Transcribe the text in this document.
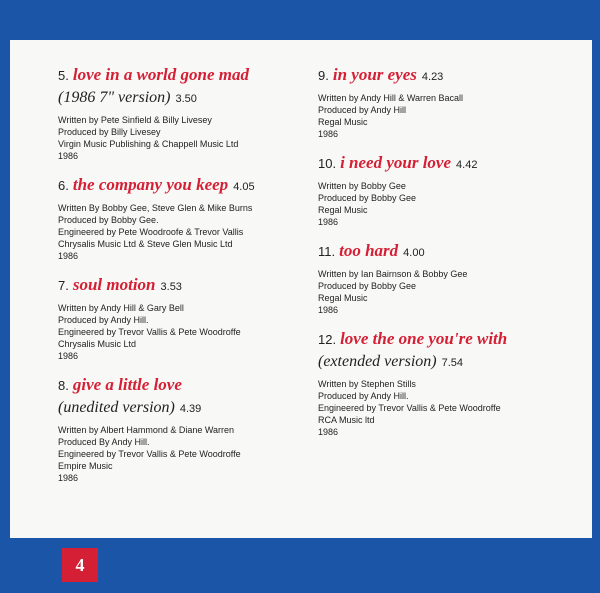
4
5. love in a world gone mad
(1986 7" version) 3.50
Written by Pete Sinfield & Billy Livesey
Produced by Billy Livesey
Virgin Music Publishing & Chappell Music Ltd
1986
6. the company you keep 4.05
Written By Bobby Gee, Steve Glen & Mike Burns
Produced by Bobby Gee.
Engineered by Pete Woodroofe & Trevor Vallis
Chrysalis Music Ltd & Steve Glen Music Ltd
1986
7. soul motion 3.53
Written by Andy Hill & Gary Bell
Produced by Andy Hill.
Engineered by Trevor Vallis & Pete Woodroffe
Chrysalis Music Ltd
1986
8. give a little love
(unedited version) 4.39
Written by Albert Hammond & Diane Warren
Produced By Andy Hill.
Engineered by Trevor Vallis & Pete Woodroffe
Empire Music
1986
9. in your eyes 4.23
Written by Andy Hill & Warren Bacall
Produced by Andy Hill
Regal Music
1986
10. i need your love 4.42
Written by Bobby Gee
Produced by Bobby Gee
Regal Music
1986
11. too hard 4.00
Written by Ian Bairnson & Bobby Gee
Produced by Bobby Gee
Regal Music
1986
12. love the one you're with
(extended version) 7.54
Written by Stephen Stills
Produced by Andy Hill.
Engineered by Trevor Vallis & Pete Woodroffe
RCA Music ltd
1986
